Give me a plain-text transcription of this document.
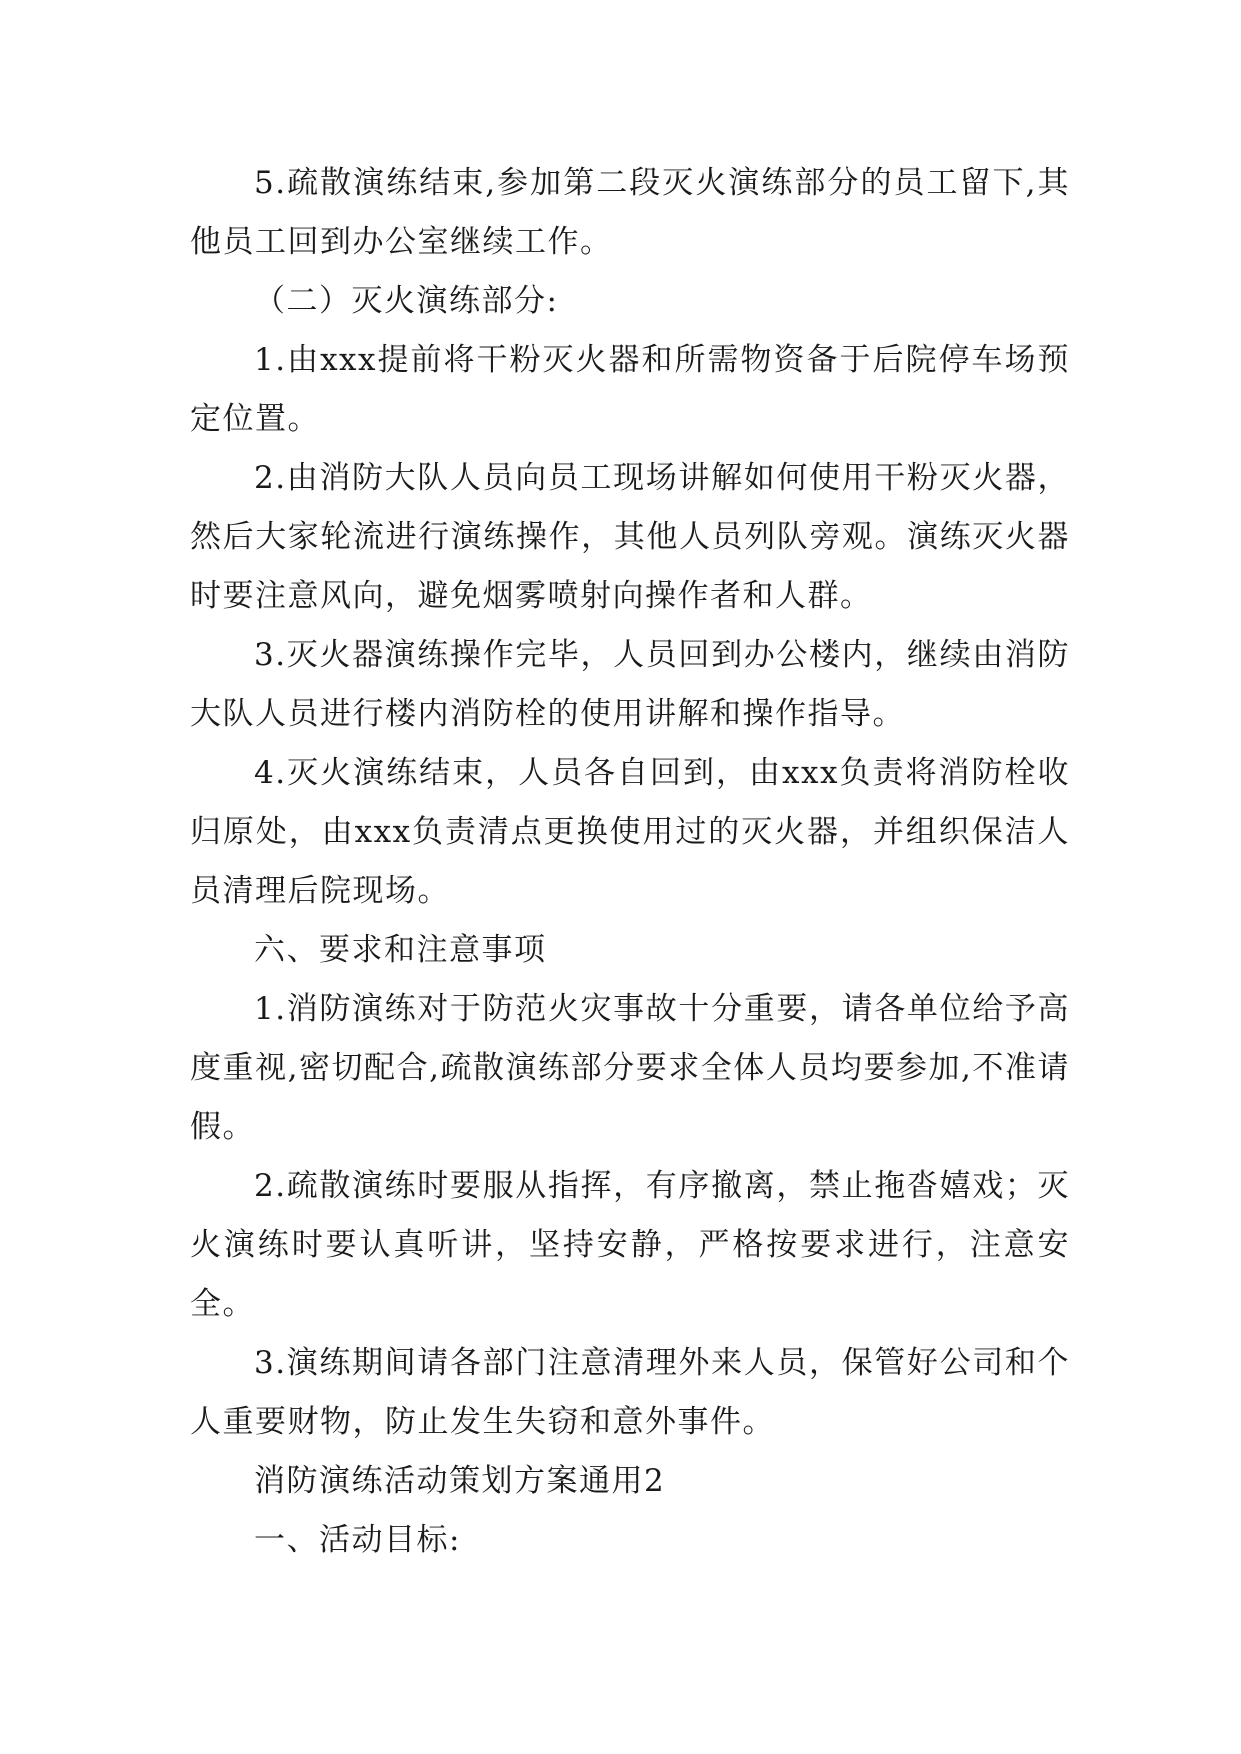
5.疏散演练结束,参加第二段灭火演练部分的员工留下,其他员工回到办公室继续工作。

（二）灭火演练部分:

1.由xxx提前将干粉灭火器和所需物资备于后院停车场预定位置。

2.由消防大队人员向员工现场讲解如何使用干粉灭火器，然后大家轮流进行演练操作，其他人员列队旁观。演练灭火器时要注意风向，避免烟雾喷射向操作者和人群。

3.灭火器演练操作完毕，人员回到办公楼内，继续由消防大队人员进行楼内消防栓的使用讲解和操作指导。

4.灭火演练结束，人员各自回到，由xxx负责将消防栓收归原处，由xxx负责清点更换使用过的灭火器，并组织保洁人员清理后院现场。

六、要求和注意事项

1.消防演练对于防范火灾事故十分重要，请各单位给予高度重视,密切配合,疏散演练部分要求全体人员均要参加,不准请假。

2.疏散演练时要服从指挥，有序撤离，禁止拖沓嬉戏；灭火演练时要认真听讲，坚持安静，严格按要求进行，注意安全。

3.演练期间请各部门注意清理外来人员，保管好公司和个人重要财物，防止发生失窃和意外事件。

消防演练活动策划方案通用2

一、活动目标:
